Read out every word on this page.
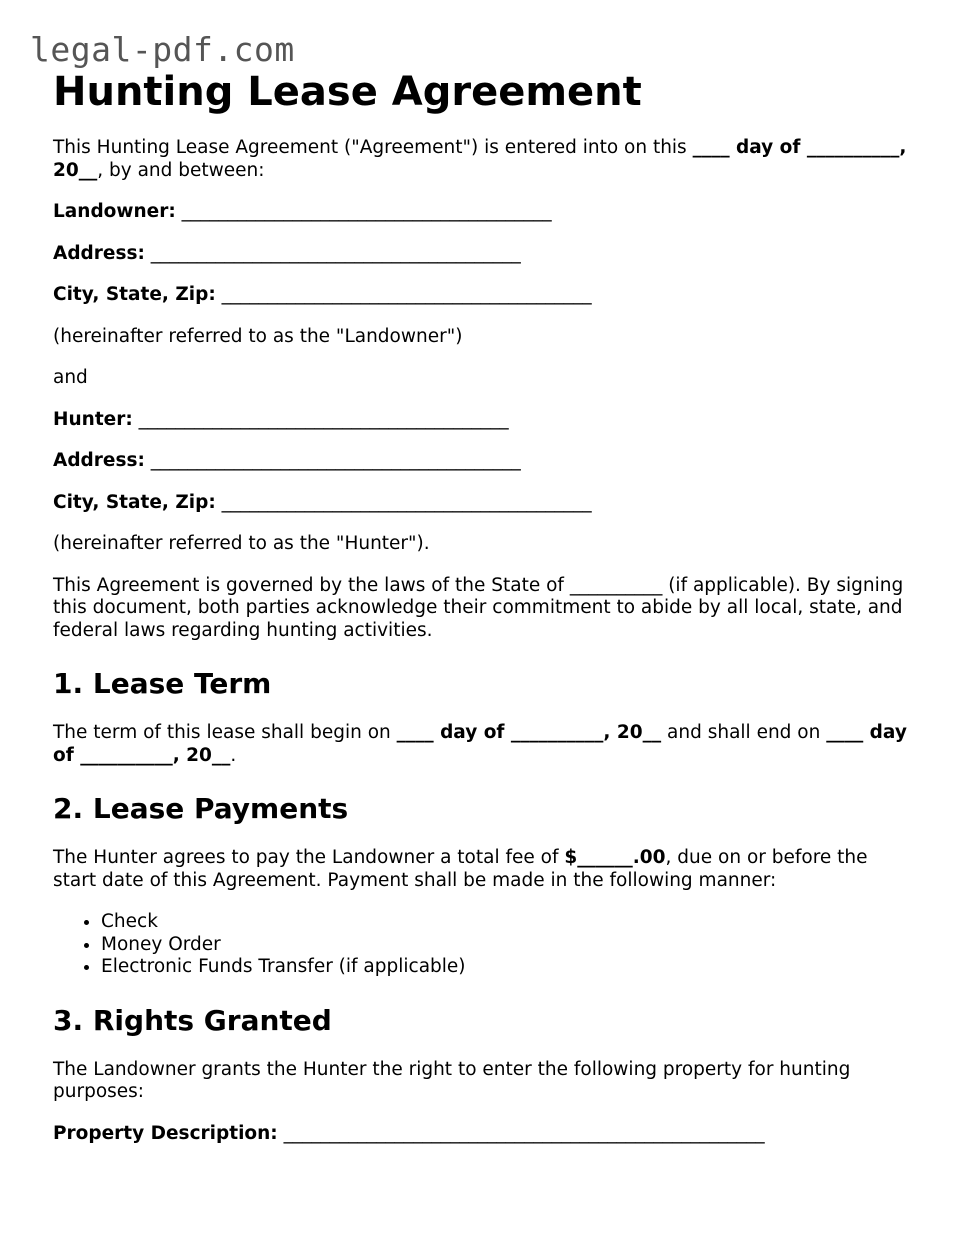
legal-pdf.com
Hunting Lease Agreement

This Hunting Lease Agreement ("Agreement") is entered into on this ____ day of __________, 20__, by and between:

Landowner: ________________________________________

Address: ________________________________________

City, State, Zip: ________________________________________

(hereinafter referred to as the "Landowner")

and

Hunter: ________________________________________

Address: ________________________________________

City, State, Zip: ________________________________________

(hereinafter referred to as the "Hunter").

This Agreement is governed by the laws of the State of __________ (if applicable). By signing this document, both parties acknowledge their commitment to abide by all local, state, and federal laws regarding hunting activities.

1. Lease Term

The term of this lease shall begin on ____ day of __________, 20__ and shall end on ____ day of __________, 20__.

2. Lease Payments

The Hunter agrees to pay the Landowner a total fee of $______.00, due on or before the start date of this Agreement. Payment shall be made in the following manner:

• Check
• Money Order
• Electronic Funds Transfer (if applicable)
3. Rights Granted

The Landowner grants the Hunter the right to enter the following property for hunting purposes:

Property Description: ____________________________________________________
